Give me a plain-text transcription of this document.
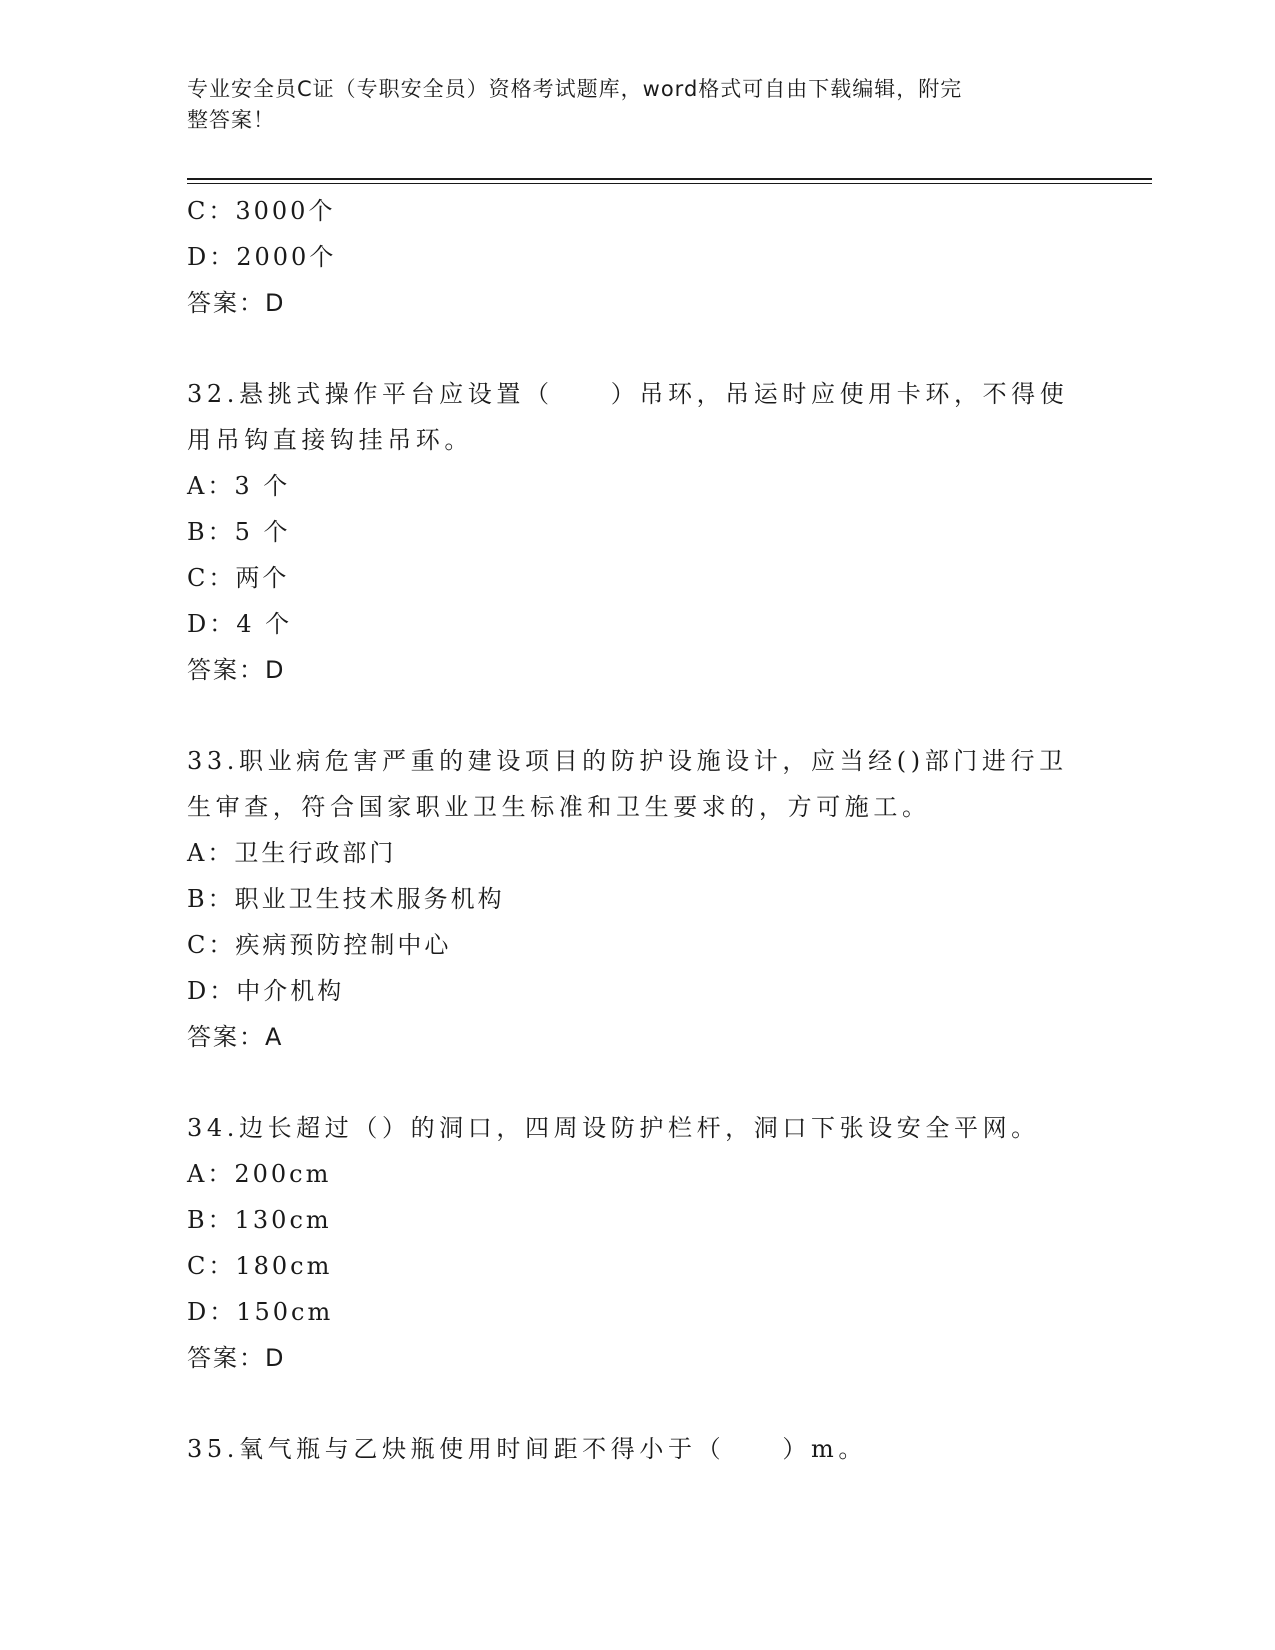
专业安全员C证（专职安全员）资格考试题库，word格式可自由下载编辑，附完
整答案！
C：3000个
D：2000个
答案：D
32.悬挑式操作平台应设置（　　）吊环，吊运时应使用卡环，不得使
用吊钩直接钩挂吊环。
A：3 个
B：5 个
C：两个
D：4 个
答案：D
33.职业病危害严重的建设项目的防护设施设计，应当经()部门进行卫
生审查，符合国家职业卫生标准和卫生要求的，方可施工。
A：卫生行政部门
B：职业卫生技术服务机构
C：疾病预防控制中心
D：中介机构
答案：A
34.边长超过（）的洞口，四周设防护栏杆，洞口下张设安全平网。
A：200cm
B：130cm
C：180cm
D：150cm
答案：D
35.氧气瓶与乙炔瓶使用时间距不得小于（　　）m。
